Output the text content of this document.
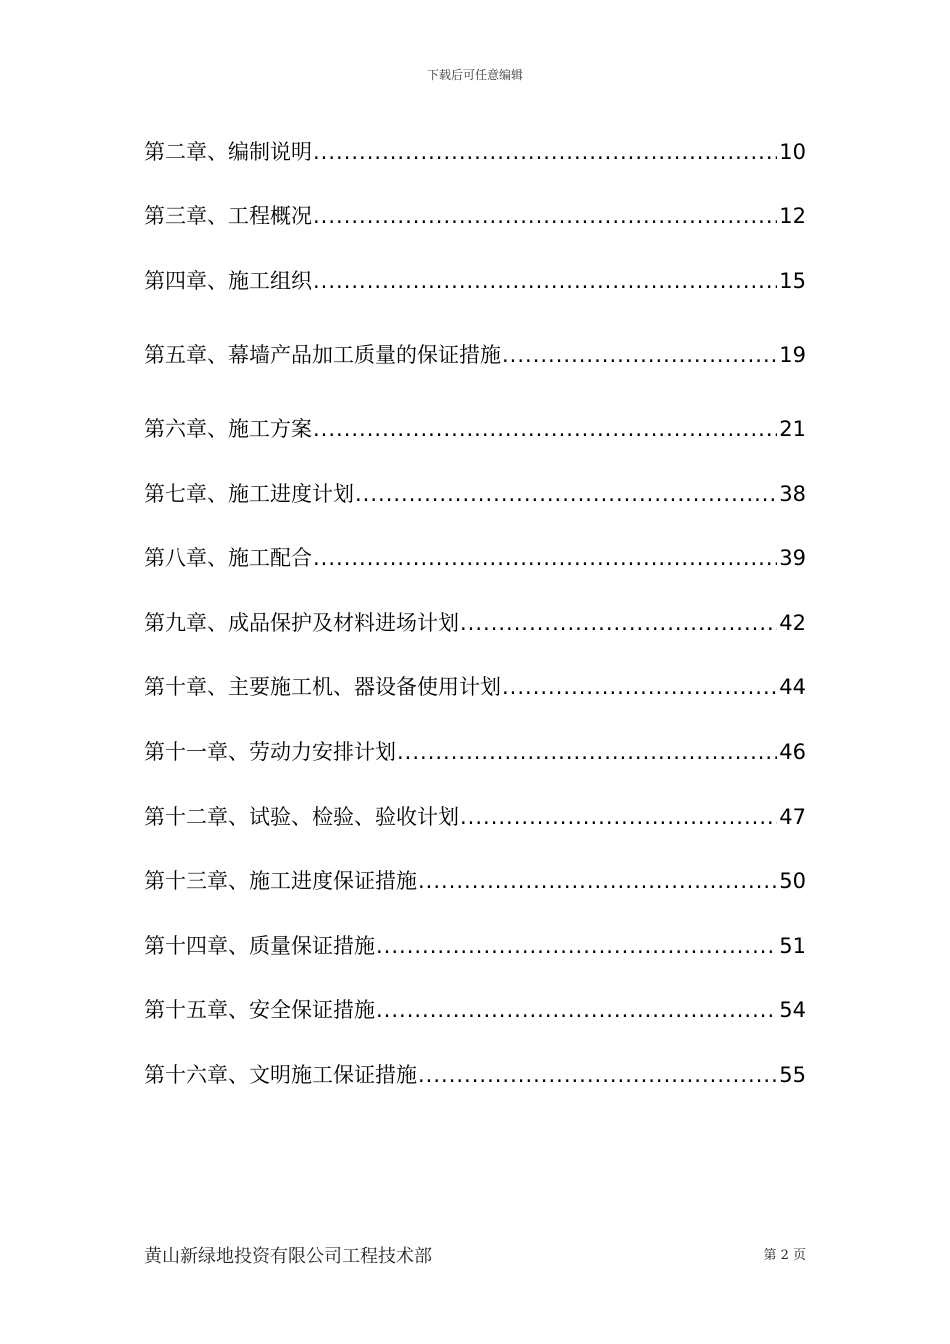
下载后可任意编辑
第二章、编制说明 .....	10
第三章、工程概况 .....	12
第四章、施工组织 .....	15
第五章、幕墙产品加工质量的保证措施 .....	19
第六章、施工方案 .....	21
第七章、施工进度计划 .....	38
第八章、施工配合 .....	39
第九章、成品保护及材料进场计划 .....	42
第十章、主要施工机、器设备使用计划 .....	44
第十一章、劳动力安排计划 .....	46
第十二章、试验、检验、验收计划 .....	47
第十三章、施工进度保证措施 .....	50
第十四章、质量保证措施 .....	51
第十五章、安全保证措施 .....	54
第十六章、文明施工保证措施 .....	55
黄山新绿地投资有限公司工程技术部	第 2 页
